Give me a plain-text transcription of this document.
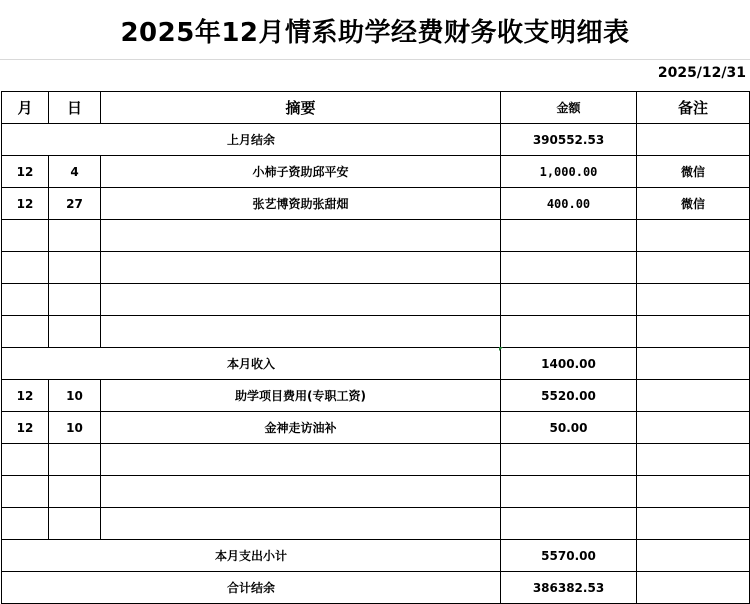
2025年12月情系助学经费财务收支明细表
2025/12/31
月	日	摘要	金额	备注
上月结余			390552.53	
12	4	小柿子资助邱平安	1,000.00	微信
12	27	张艺博资助张甜畑	400.00	微信

本月收入			1400.00	
12	10	助学项目费用(专职工资)	5520.00	
12	10	金神走访油补	50.00	

本月支出小计			5570.00	
合计结余			386382.53	
